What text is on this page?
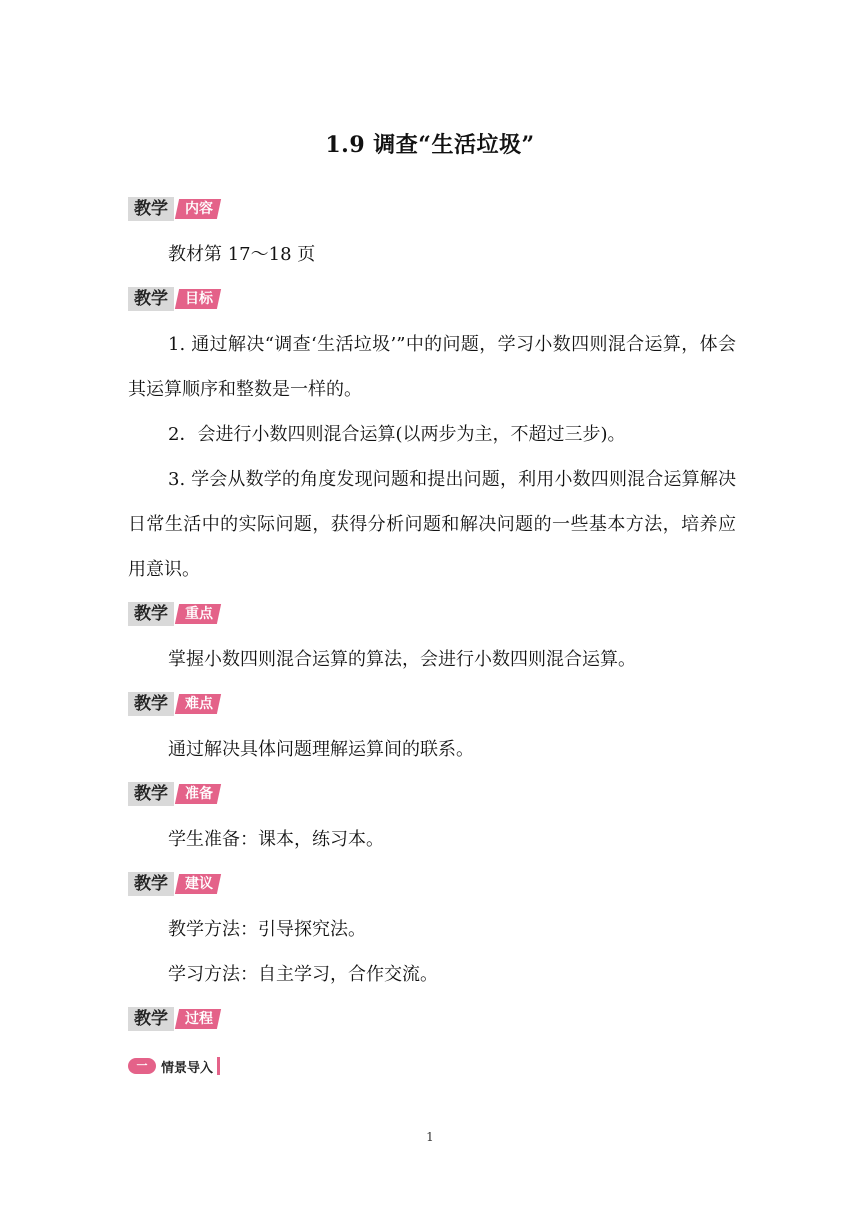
1.9 调查“生活垃圾”
教学	内容
教材第 17～18 页
教学	目标
1. 通过解决“调查‘生活垃圾’”中的问题，学习小数四则混合运算，体会其运算顺序和整数是一样的。
2．会进行小数四则混合运算(以两步为主，不超过三步)。
3. 学会从数学的角度发现问题和提出问题，利用小数四则混合运算解决日常生活中的实际问题，获得分析问题和解决问题的一些基本方法，培养应用意识。
教学	重点
掌握小数四则混合运算的算法，会进行小数四则混合运算。
教学	难点
通过解决具体问题理解运算间的联系。
教学	准备
学生准备：课本，练习本。
教学	建议
教学方法：引导探究法。
学习方法：自主学习，合作交流。
教学	过程
一 情景导入
1
